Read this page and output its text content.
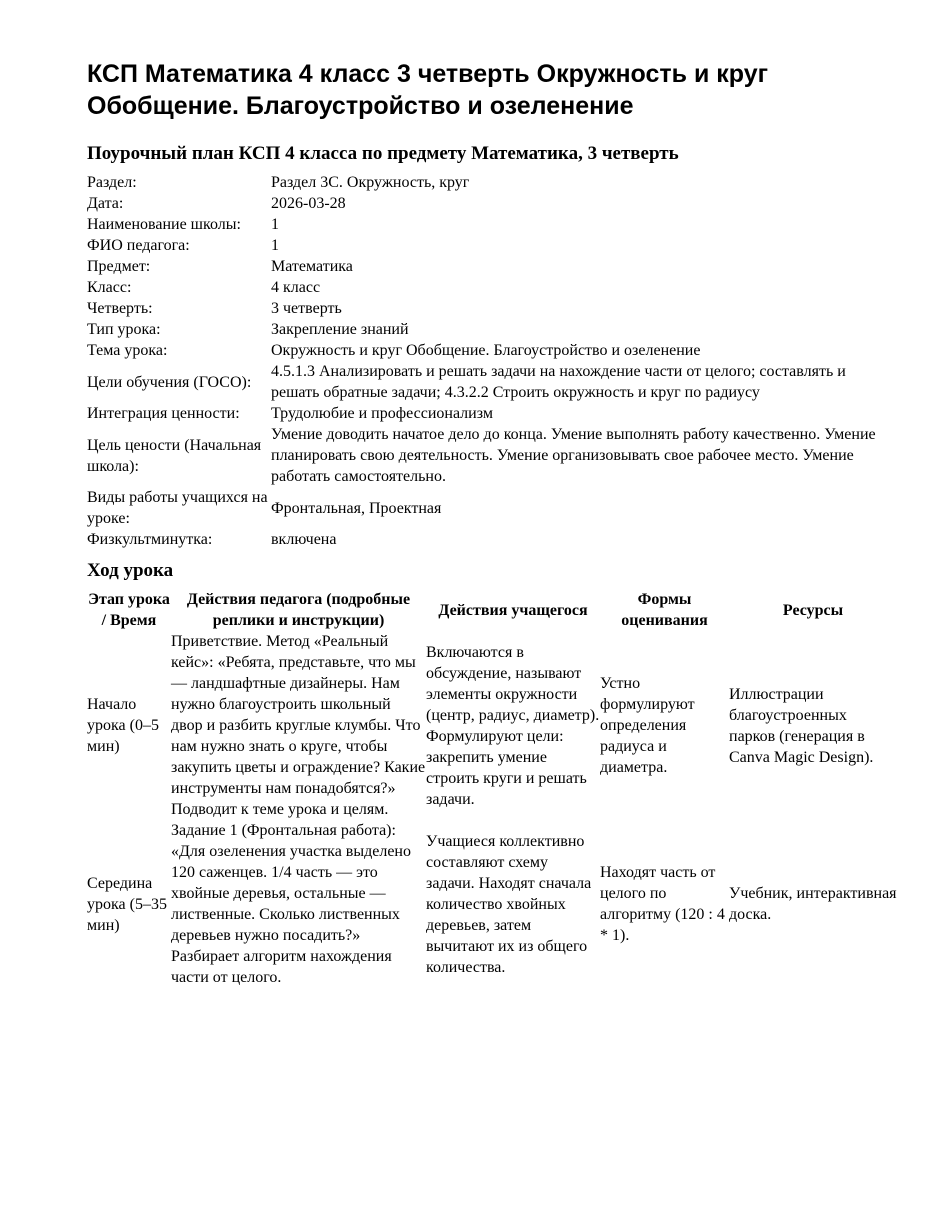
КСП Математика 4 класс 3 четверть Окружность и круг Обобщение. Благоустройство и озеленение
Поурочный план КСП 4 класса по предмету Математика, 3 четверть
Раздел:	Раздел 3С. Окружность, круг
Дата:	2026-03-28
Наименование школы:	1
ФИО педагога:	1
Предмет:	Математика
Класс:	4 класс
Четверть:	3 четверть
Тип урока:	Закрепление знаний
Тема урока:	Окружность и круг Обобщение. Благоустройство и озеленение
Цели обучения (ГОСО):	4.5.1.3 Анализировать и решать задачи на нахождение части от целого; составлять и решать обратные задачи; 4.3.2.2 Строить окружность и круг по радиусу
Интеграция ценности:	Трудолюбие и профессионализм
Цель цености (Начальная школа):	Умение доводить начатое дело до конца. Умение выполнять работу качественно. Умение планировать свою деятельность. Умение организовывать свое рабочее место. Умение работать самостоятельно.
Виды работы учащихся на уроке:	Фронтальная, Проектная
Физкультминутка:	включена
Ход урока
Этап урока / Время	Действия педагога (подробные реплики и инструкции)	Действия учащегося	Формы оценивания	Ресурсы
Начало урока (0–5 мин)	Приветствие. Метод «Реальный кейс»: «Ребята, представьте, что мы — ландшафтные дизайнеры. Нам нужно благоустроить школьный двор и разбить круглые клумбы. Что нам нужно знать о круге, чтобы закупить цветы и ограждение? Какие инструменты нам понадобятся?» Подводит к теме урока и целям.	Включаются в обсуждение, называют элементы окружности (центр, радиус, диаметр). Формулируют цели: закрепить умение строить круги и решать задачи.	Устно формулируют определения радиуса и диаметра.	Иллюстрации благоустроенных парков (генерация в Canva Magic Design).
Середина урока (5–35 мин)	Задание 1 (Фронтальная работа): «Для озеленения участка выделено 120 саженцев. 1/4 часть — это хвойные деревья, остальные — лиственные. Сколько лиственных деревьев нужно посадить?» Разбирает алгоритм нахождения части от целого.	Учащиеся коллективно составляют схему задачи. Находят сначала количество хвойных деревьев, затем вычитают их из общего количества.	Находят часть от целого по алгоритму (120 : 4 * 1).	Учебник, интерактивная доска.
